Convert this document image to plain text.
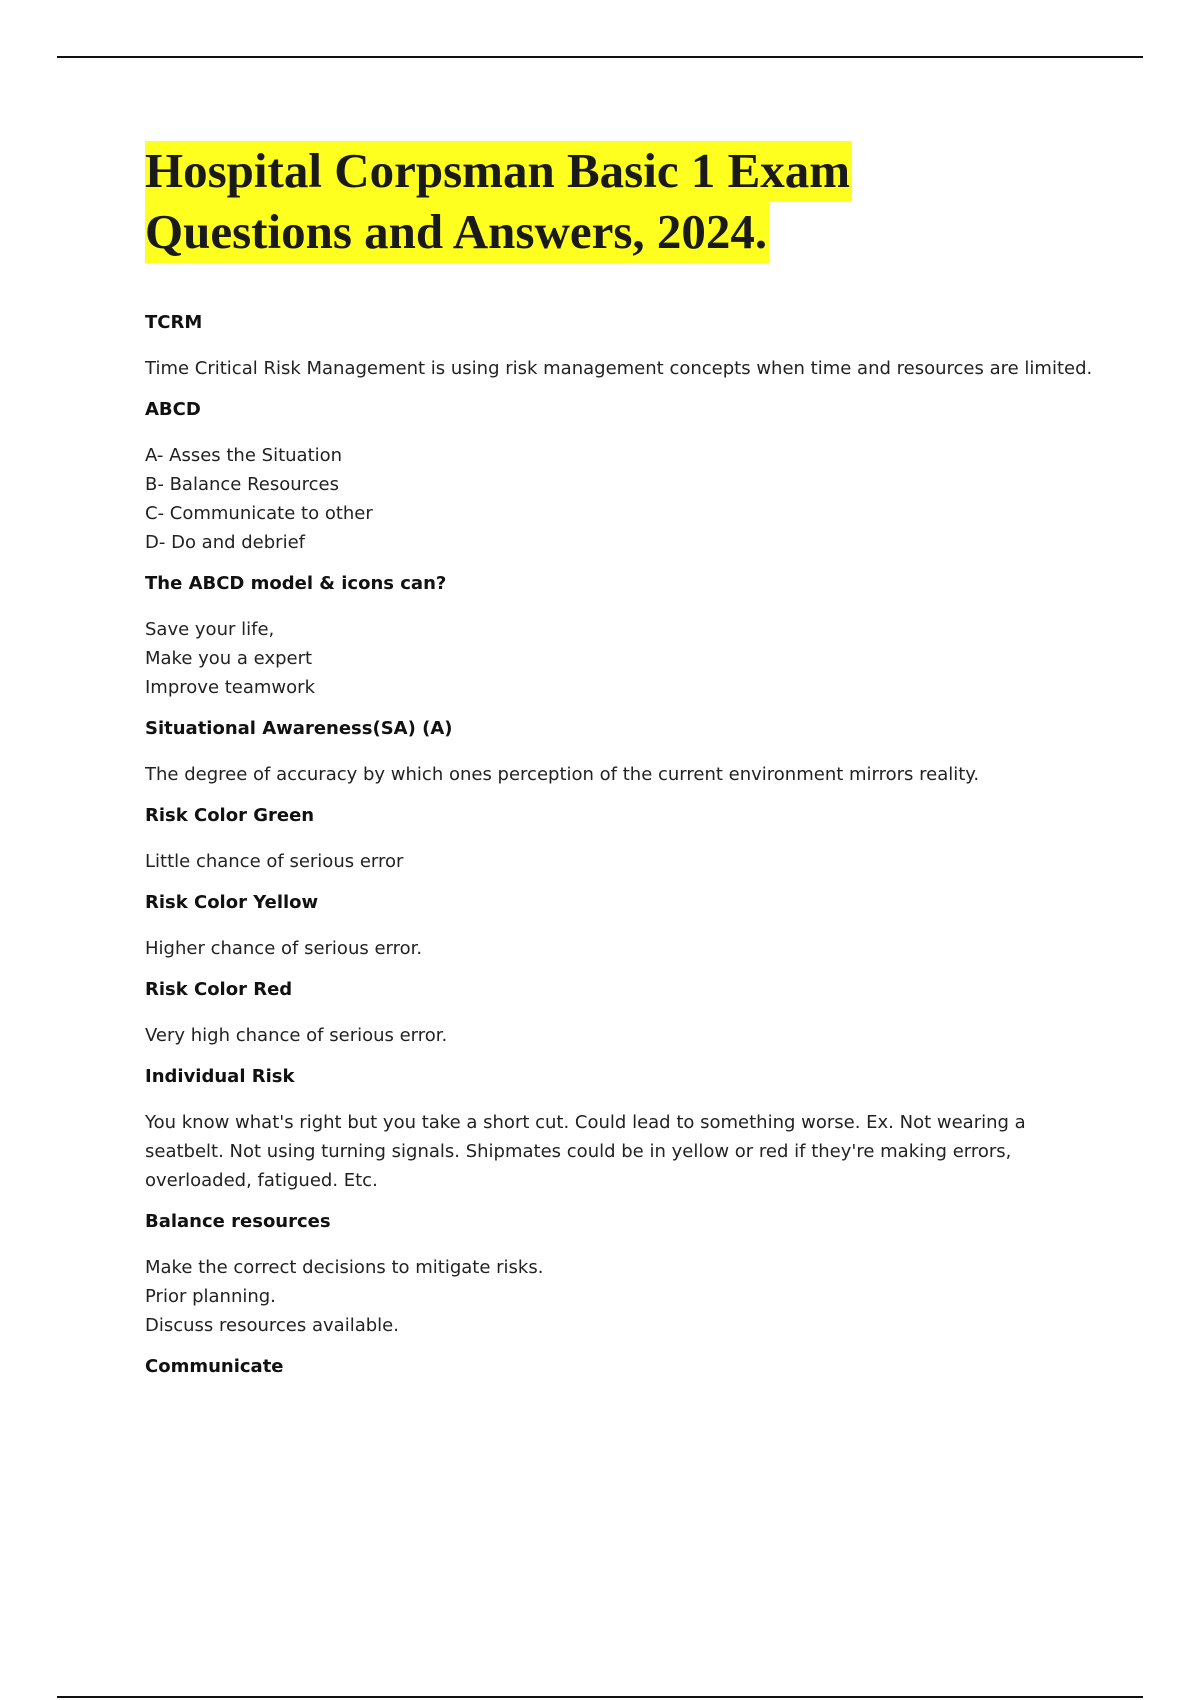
Hospital Corpsman Basic 1 Exam
Questions and Answers, 2024.

TCRM

Time Critical Risk Management is using risk management concepts when time and resources are limited.

ABCD

A- Asses the Situation
B- Balance Resources
C- Communicate to other
D- Do and debrief

The ABCD model & icons can?

Save your life,
Make you a expert
Improve teamwork

Situational Awareness(SA) (A)

The degree of accuracy by which ones perception of the current environment mirrors reality.

Risk Color Green

Little chance of serious error

Risk Color Yellow

Higher chance of serious error.

Risk Color Red

Very high chance of serious error.

Individual Risk

You know what's right but you take a short cut. Could lead to something worse. Ex. Not wearing a
seatbelt. Not using turning signals. Shipmates could be in yellow or red if they're making errors,
overloaded, fatigued. Etc.

Balance resources

Make the correct decisions to mitigate risks.
Prior planning.
Discuss resources available.

Communicate
